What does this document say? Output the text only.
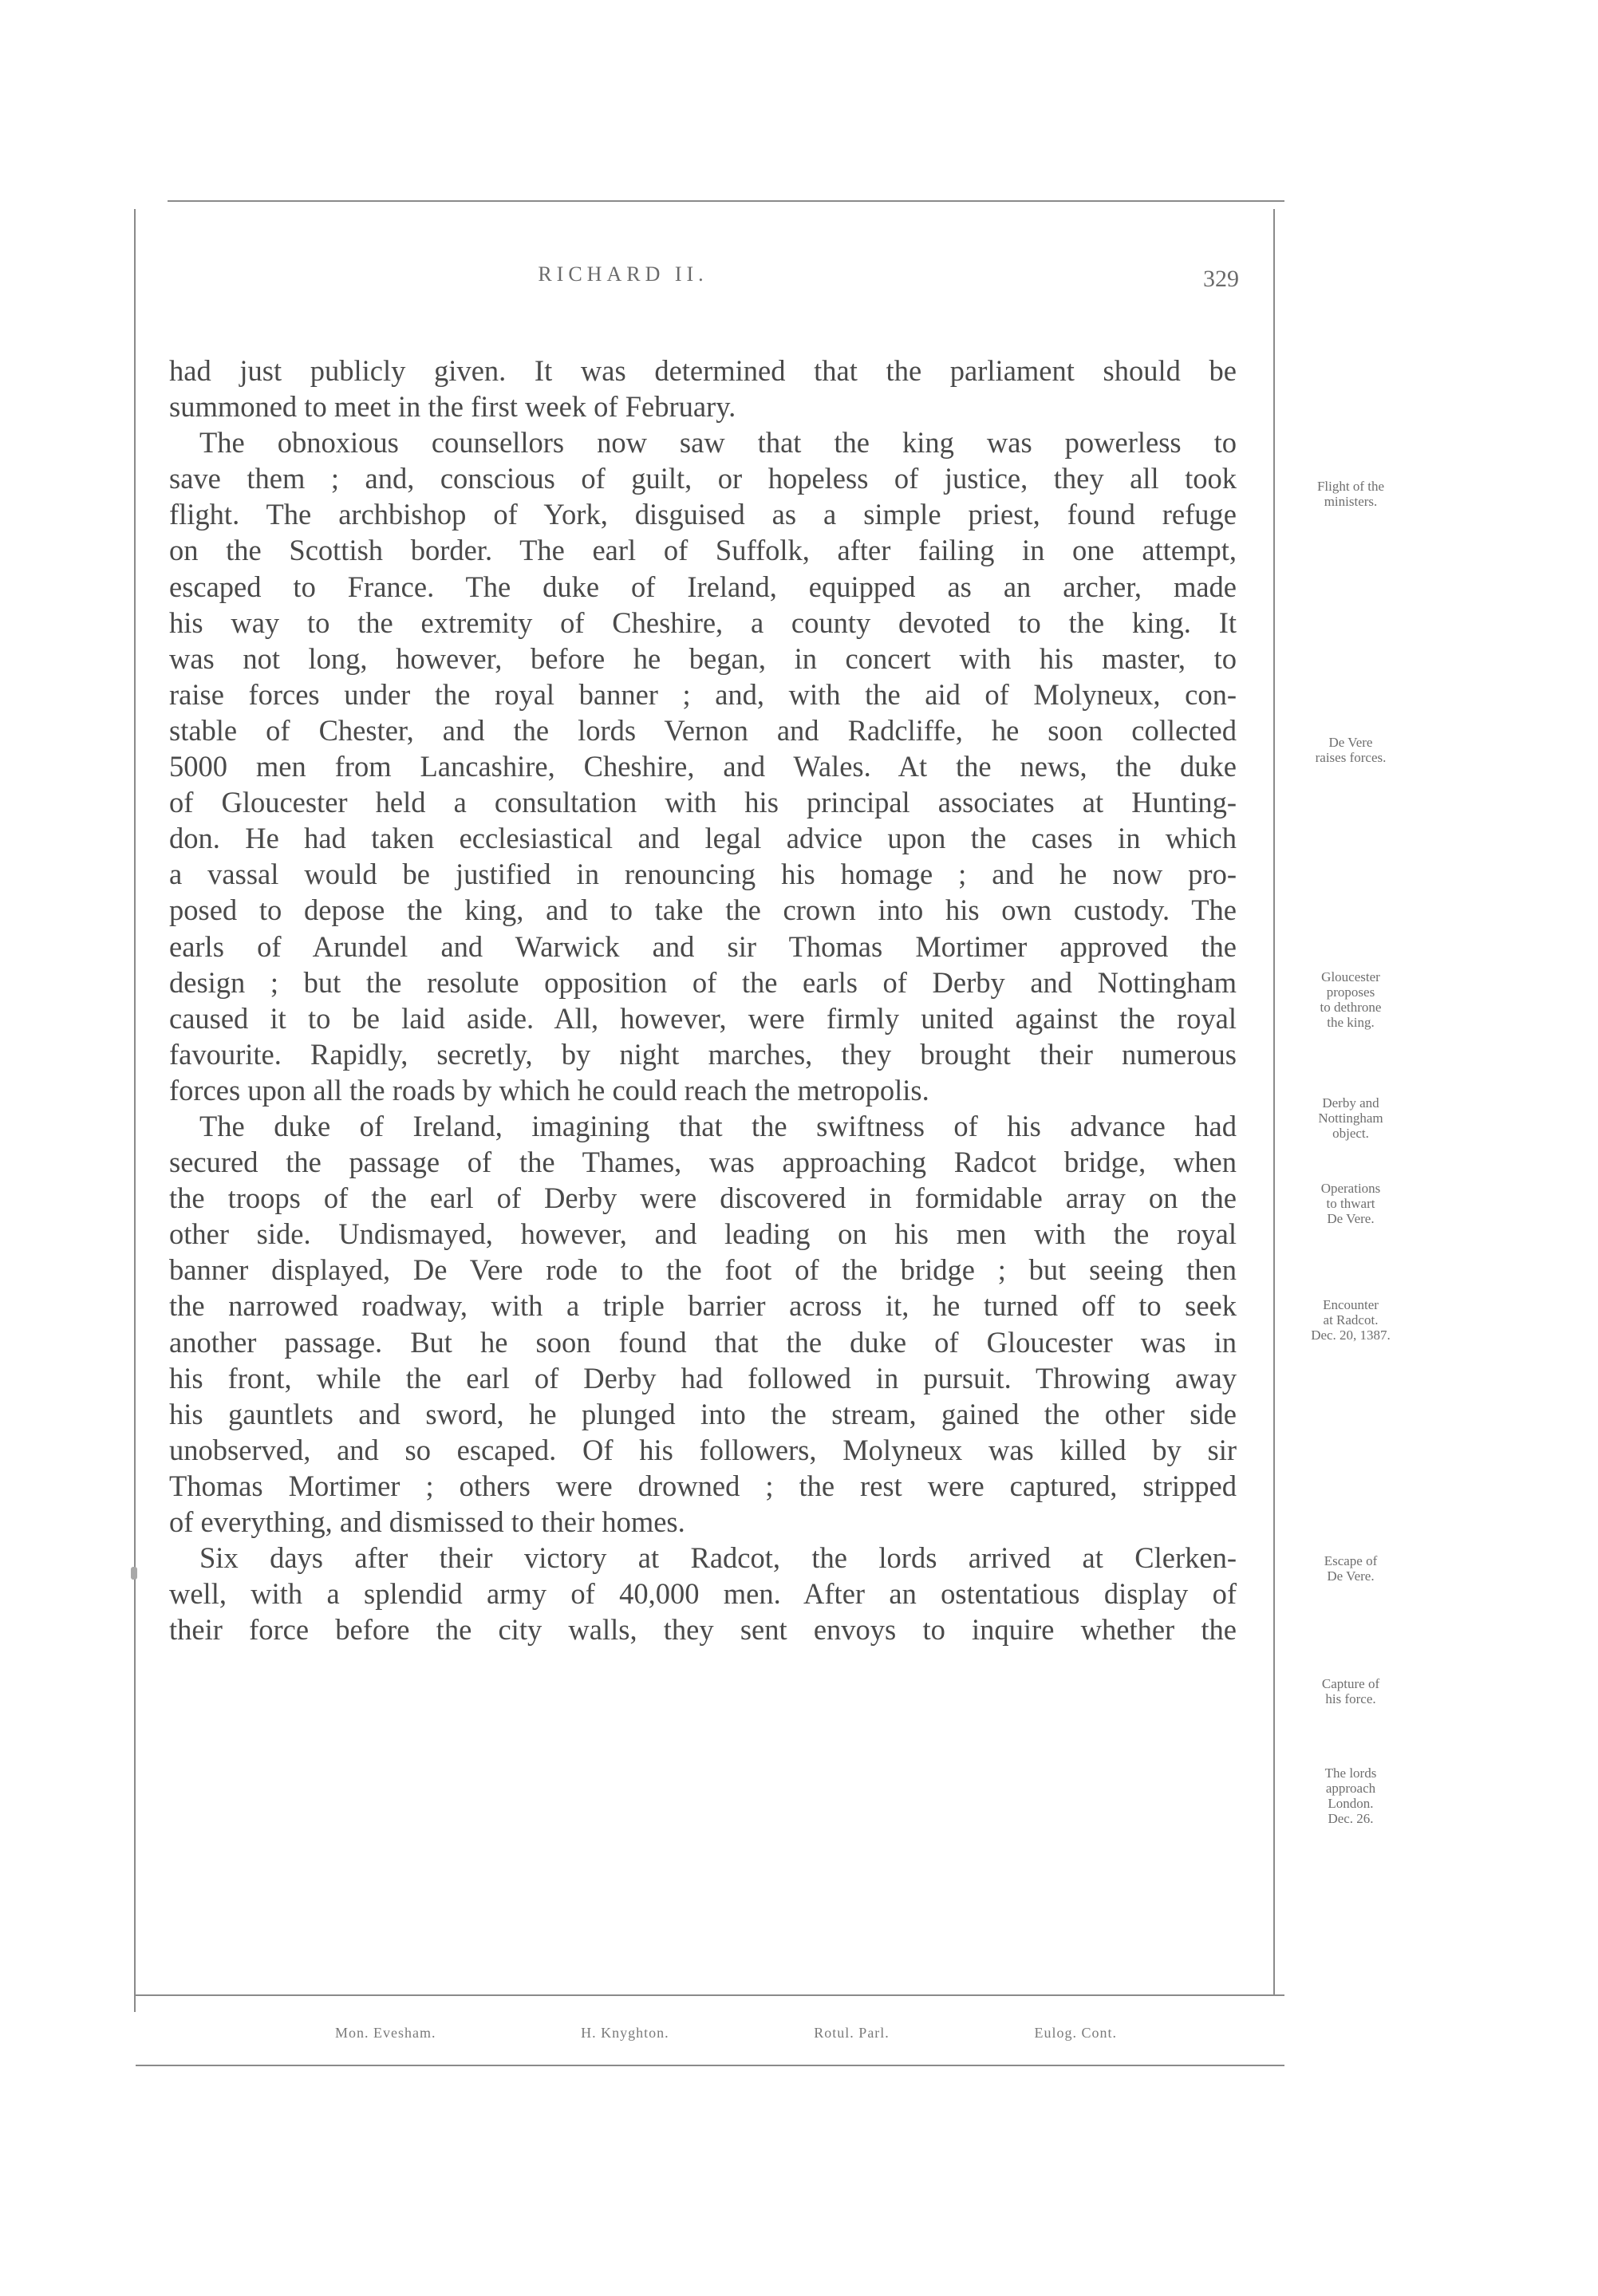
RICHARD II.	329
had just publicly given. It was determined that the parliament should be
summoned to meet in the first week of February.
The obnoxious counsellors now saw that the king was powerless to
save them ; and, conscious of guilt, or hopeless of justice, they all took
flight. The archbishop of York, disguised as a simple priest, found refuge
on the Scottish border. The earl of Suffolk, after failing in one attempt,
escaped to France. The duke of Ireland, equipped as an archer, made
his way to the extremity of Cheshire, a county devoted to the king. It
was not long, however, before he began, in concert with his master, to
raise forces under the royal banner ; and, with the aid of Molyneux, con-
stable of Chester, and the lords Vernon and Radcliffe, he soon collected
5000 men from Lancashire, Cheshire, and Wales. At the news, the duke
of Gloucester held a consultation with his principal associates at Hunting-
don. He had taken ecclesiastical and legal advice upon the cases in which
a vassal would be justified in renouncing his homage ; and he now pro-
posed to depose the king, and to take the crown into his own custody. The
earls of Arundel and Warwick and sir Thomas Mortimer approved the
design ; but the resolute opposition of the earls of Derby and Nottingham
caused it to be laid aside. All, however, were firmly united against the royal
favourite. Rapidly, secretly, by night marches, they brought their numerous
forces upon all the roads by which he could reach the metropolis.
The duke of Ireland, imagining that the swiftness of his advance had
secured the passage of the Thames, was approaching Radcot bridge, when
the troops of the earl of Derby were discovered in formidable array on the
other side. Undismayed, however, and leading on his men with the royal
banner displayed, De Vere rode to the foot of the bridge ; but seeing then
the narrowed roadway, with a triple barrier across it, he turned off to seek
another passage. But he soon found that the duke of Gloucester was in
his front, while the earl of Derby had followed in pursuit. Throwing away
his gauntlets and sword, he plunged into the stream, gained the other side
unobserved, and so escaped. Of his followers, Molyneux was killed by sir
Thomas Mortimer ; others were drowned ; the rest were captured, stripped
of everything, and dismissed to their homes.
Six days after their victory at Radcot, the lords arrived at Clerken-
well, with a splendid army of 40,000 men. After an ostentatious display of
their force before the city walls, they sent envoys to inquire whether the
Flight of the
ministers.
De Vere
raises forces.
Gloucester
proposes
to dethrone
the king.
Derby and
Nottingham
object.
Operations
to thwart
De Vere.
Encounter
at Radcot.
Dec. 20, 1387.
Escape of
De Vere.
Capture of
his force.
The lords
approach
London.
Dec. 26.
Mon. Evesham.	H. Knyghton.	Rotul. Parl.	Eulog. Cont.
